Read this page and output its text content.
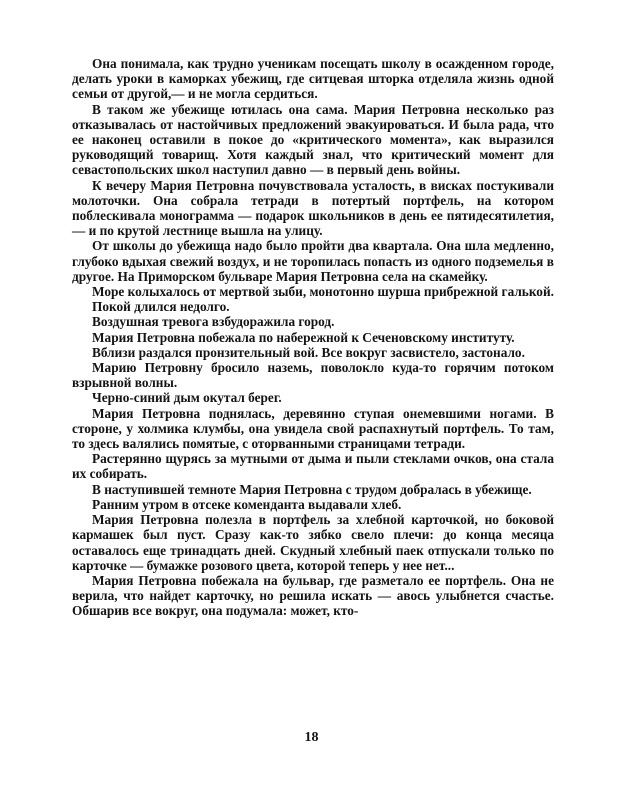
Она понимала, как трудно ученикам посещать школу в осажденном городе, делать уроки в каморках убежищ, где ситцевая шторка отделяла жизнь одной семьи от другой,— и не могла сердиться.

В таком же убежище ютилась она сама. Мария Петровна несколько раз отказывалась от настойчивых предложений эвакуироваться. И была рада, что ее наконец оставили в покое до «критического момента», как выразился руководящий товарищ. Хотя каждый знал, что критический момент для севастопольских школ наступил давно — в первый день войны.

К вечеру Мария Петровна почувствовала усталость, в висках постукивали молоточки. Она собрала тетради в потертый портфель, на котором поблескивала монограмма — подарок школьников в день ее пятидесятилетия,— и по крутой лестнице вышла на улицу.

От школы до убежища надо было пройти два квартала. Она шла медленно, глубоко вдыхая свежий воздух, и не торопилась попасть из одного подземелья в другое. На Приморском бульваре Мария Петровна села на скамейку.

Море колыхалось от мертвой зыби, монотонно шурша прибрежной галькой.

Покой длился недолго.

Воздушная тревога взбудоражила город.

Мария Петровна побежала по набережной к Сеченовскому институту.

Вблизи раздался пронзительный вой. Все вокруг засвистело, застонало.

Марию Петровну бросило наземь, поволокло куда-то горячим потоком взрывной волны.

Черно-синий дым окутал берег.

Мария Петровна поднялась, деревянно ступая онемевшими ногами. В стороне, у холмика клумбы, она увидела свой распахнутый портфель. То там, то здесь валялись помятые, с оторванными страницами тетради.

Растерянно щурясь за мутными от дыма и пыли стеклами очков, она стала их собирать.

В наступившей темноте Мария Петровна с трудом добралась в убежище.

Ранним утром в отсеке коменданта выдавали хлеб.

Мария Петровна полезла в портфель за хлебной карточкой, но боковой кармашек был пуст. Сразу как-то зябко свело плечи: до конца месяца оставалось еще тринадцать дней. Скудный хлебный паек отпускали только по карточке — бумажке розового цвета, которой теперь у нее нет...

Мария Петровна побежала на бульвар, где разметало ее портфель. Она не верила, что найдет карточку, но решила искать — авось улыбнется счастье. Обшарив все вокруг, она подумала: может, кто-

18
